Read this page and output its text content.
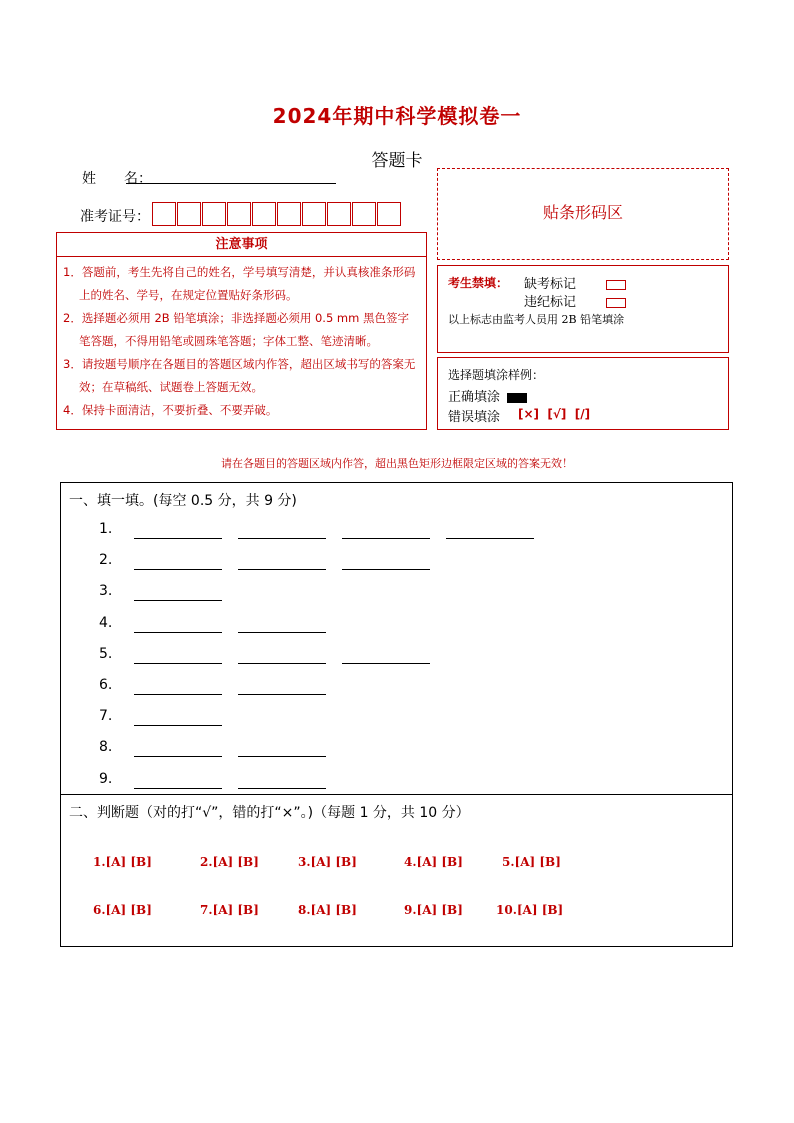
2024年期中科学模拟卷一
答题卡
姓　　名：
准考证号：
注意事项
1．答题前，考生先将自己的姓名，学号填写清楚，并认真核准条形码上的姓名、学号，在规定位置贴好条形码。
2．选择题必须用 2B 铅笔填涂；非选择题必须用 0.5 mm 黑色签字笔答题，不得用铅笔或圆珠笔答题；字体工整、笔迹清晰。
3．请按题号顺序在各题目的答题区域内作答，超出区域书写的答案无效；在草稿纸、试题卷上答题无效。
4．保持卡面清洁，不要折叠、不要弄破。
贴条形码区
考生禁填： 缺考标记
违纪标记
以上标志由监考人员用 2B 铅笔填涂
选择题填涂样例：
正确填涂
错误填涂 [×]  [√]  [/]
请在各题目的答题区域内作答，超出黑色矩形边框限定区域的答案无效！
一、填一填。(每空 0.5 分，共 9 分)
1.
2.
3.
4.
5.
6.
7.
8.
9.
二、判断题（对的打“√”，错的打“×”。)（每题 1 分，共 10 分）
1.[A] [B]	2.[A] [B]	3.[A] [B]	4.[A] [B]	5.[A] [B]
6.[A] [B]	7.[A] [B]	8.[A] [B]	9.[A] [B]	10.[A] [B]
